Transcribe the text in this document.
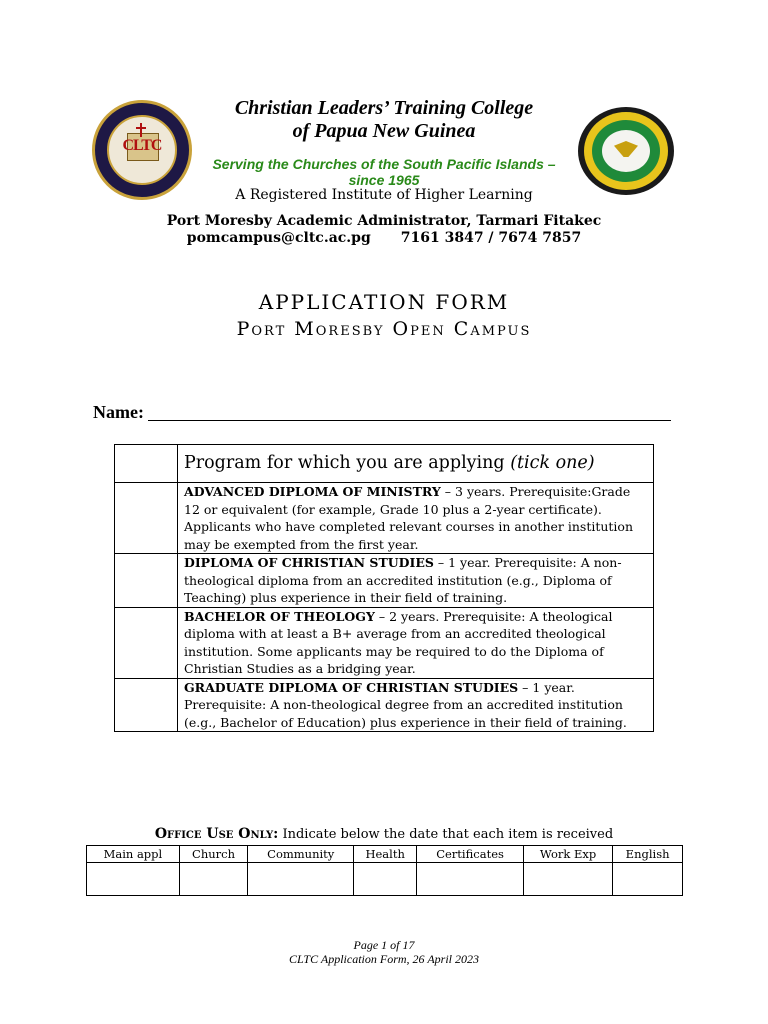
CLTC
Christian Leaders’ Training College
of Papua New Guinea
Serving the Churches of the South Pacific Islands –
since 1965
A Registered Institute of Higher Learning
Port Moresby Academic Administrator, Tarmari Fitakec
pomcampus@cltc.ac.pg 7161 3847 / 7674 7857
APPLICATION FORM
Port Moresby Open Campus
Name:
	Program for which you are applying (tick one)
	ADVANCED DIPLOMA OF MINISTRY – 3 years. Prerequisite:Grade 12 or equivalent (for example, Grade 10 plus a 2-year certificate). Applicants who have completed relevant courses in another institution may be exempted from the first year.
	DIPLOMA OF CHRISTIAN STUDIES – 1 year. Prerequisite: A non-theological diploma from an accredited institution (e.g., Diploma of Teaching) plus experience in their field of training.
	BACHELOR OF THEOLOGY – 2 years. Prerequisite: A theological diploma with at least a B+ average from an accredited theological institution. Some applicants may be required to do the Diploma of Christian Studies as a bridging year.
	GRADUATE DIPLOMA OF CHRISTIAN STUDIES – 1 year. Prerequisite: A non-theological degree from an accredited institution (e.g., Bachelor of Education) plus experience in their field of training.
Office Use Only: Indicate below the date that each item is received
Main appl	Church	Community	Health	Certificates	Work Exp	English

Page 1 of 17
CLTC Application Form, 26 April 2023
